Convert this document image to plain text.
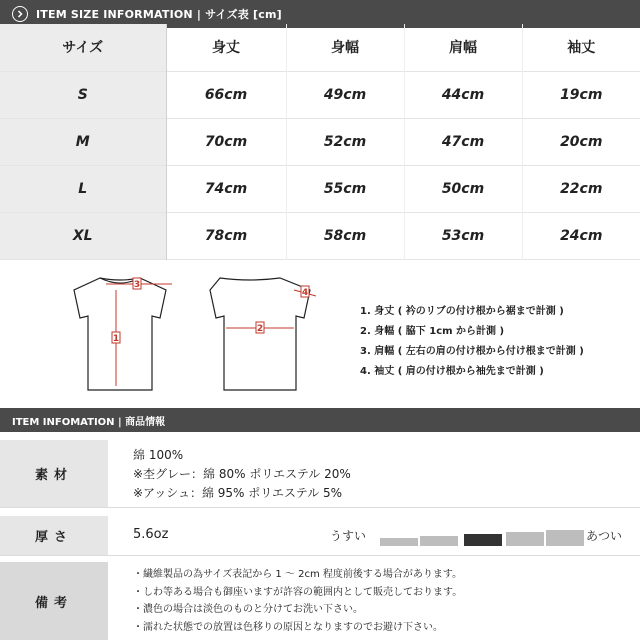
ITEM SIZE INFORMATION | サイズ表 [cm]
サイズ	身丈	身幅	肩幅	袖丈
S	66cm	49cm	44cm	19cm
M	70cm	52cm	47cm	20cm
L	74cm	55cm	50cm	22cm
XL	78cm	58cm	53cm	24cm
3
1
2
4
1. 身丈 ( 衿のリブの付け根から裾まで計測 )
2. 身幅 ( 脇下 1cm から計測 )
3. 肩幅 ( 左右の肩の付け根から付け根まで計測 )
4. 袖丈 ( 肩の付け根から袖先まで計測 )
ITEM INFOMATION | 商品情報
素材
綿 100%
※杢グレー：綿 80% ポリエステル 20%
※アッシュ：綿 95% ポリエステル 5%
厚さ	5.6oz	うすい	あつい
備考
・繊維製品の為サイズ表記から 1 ～ 2cm 程度前後する場合があります。
・しわ等ある場合も御座いますが許容の範囲内として販売しております。
・濃色の場合は淡色のものと分けてお洗い下さい。
・濡れた状態での放置は色移りの原因となりますのでお避け下さい。
